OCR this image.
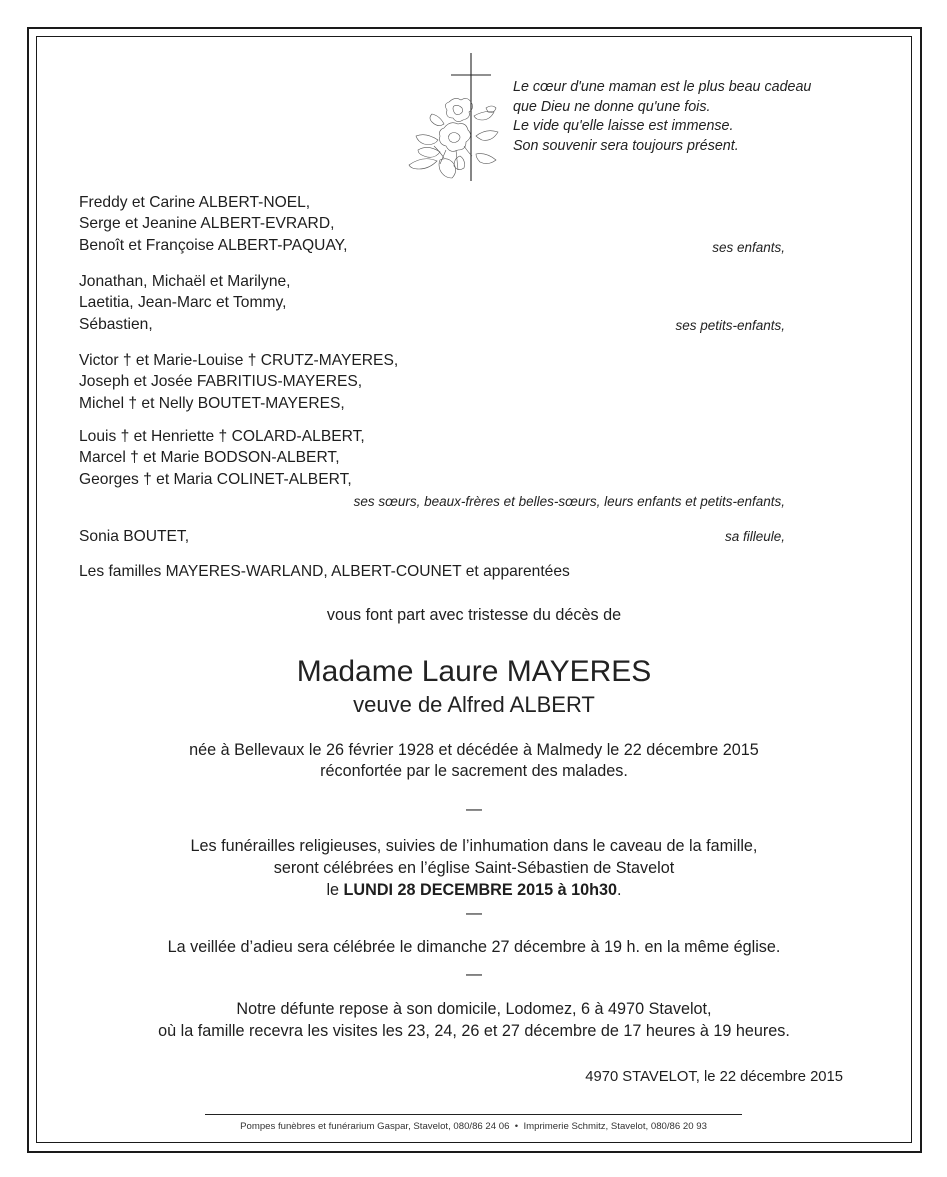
Le cœur d'une maman est le plus beau cadeau
que Dieu ne donne qu'une fois.
Le vide qu'elle laisse est immense.
Son souvenir sera toujours présent.
Freddy et Carine ALBERT-NOEL,
Serge et Jeanine ALBERT-EVRARD,
Benoît et Françoise ALBERT-PAQUAY,	ses enfants,
Jonathan, Michaël et Marilyne,
Laetitia, Jean-Marc et Tommy,
Sébastien,	ses petits-enfants,
Victor † et Marie-Louise † CRUTZ-MAYERES,
Joseph et Josée FABRITIUS-MAYERES,
Michel † et Nelly BOUTET-MAYERES,
Louis † et Henriette † COLARD-ALBERT,
Marcel † et Marie BODSON-ALBERT,
Georges † et Maria COLINET-ALBERT,
ses sœurs, beaux-frères et belles-sœurs, leurs enfants et petits-enfants,
Sonia BOUTET,	sa filleule,
Les familles MAYERES-WARLAND, ALBERT-COUNET et apparentées
vous font part avec tristesse du décès de
Madame Laure MAYERES
veuve de Alfred ALBERT
née à Bellevaux le 26 février 1928 et décédée à Malmedy le 22 décembre 2015
réconfortée par le sacrement des malades.
—
Les funérailles religieuses, suivies de l’inhumation dans le caveau de la famille,
seront célébrées en l’église Saint-Sébastien de Stavelot
le LUNDI 28 DECEMBRE 2015 à 10h30.
—
La veillée d’adieu sera célébrée le dimanche 27 décembre à 19 h. en la même église.
—
Notre défunte repose à son domicile, Lodomez, 6 à 4970 Stavelot,
où la famille recevra les visites les 23, 24, 26 et 27 décembre de 17 heures à 19 heures.
4970 STAVELOT, le 22 décembre 2015
Pompes funèbres et funérarium Gaspar, Stavelot, 080/86 24 06 • Imprimerie Schmitz, Stavelot, 080/86 20 93
